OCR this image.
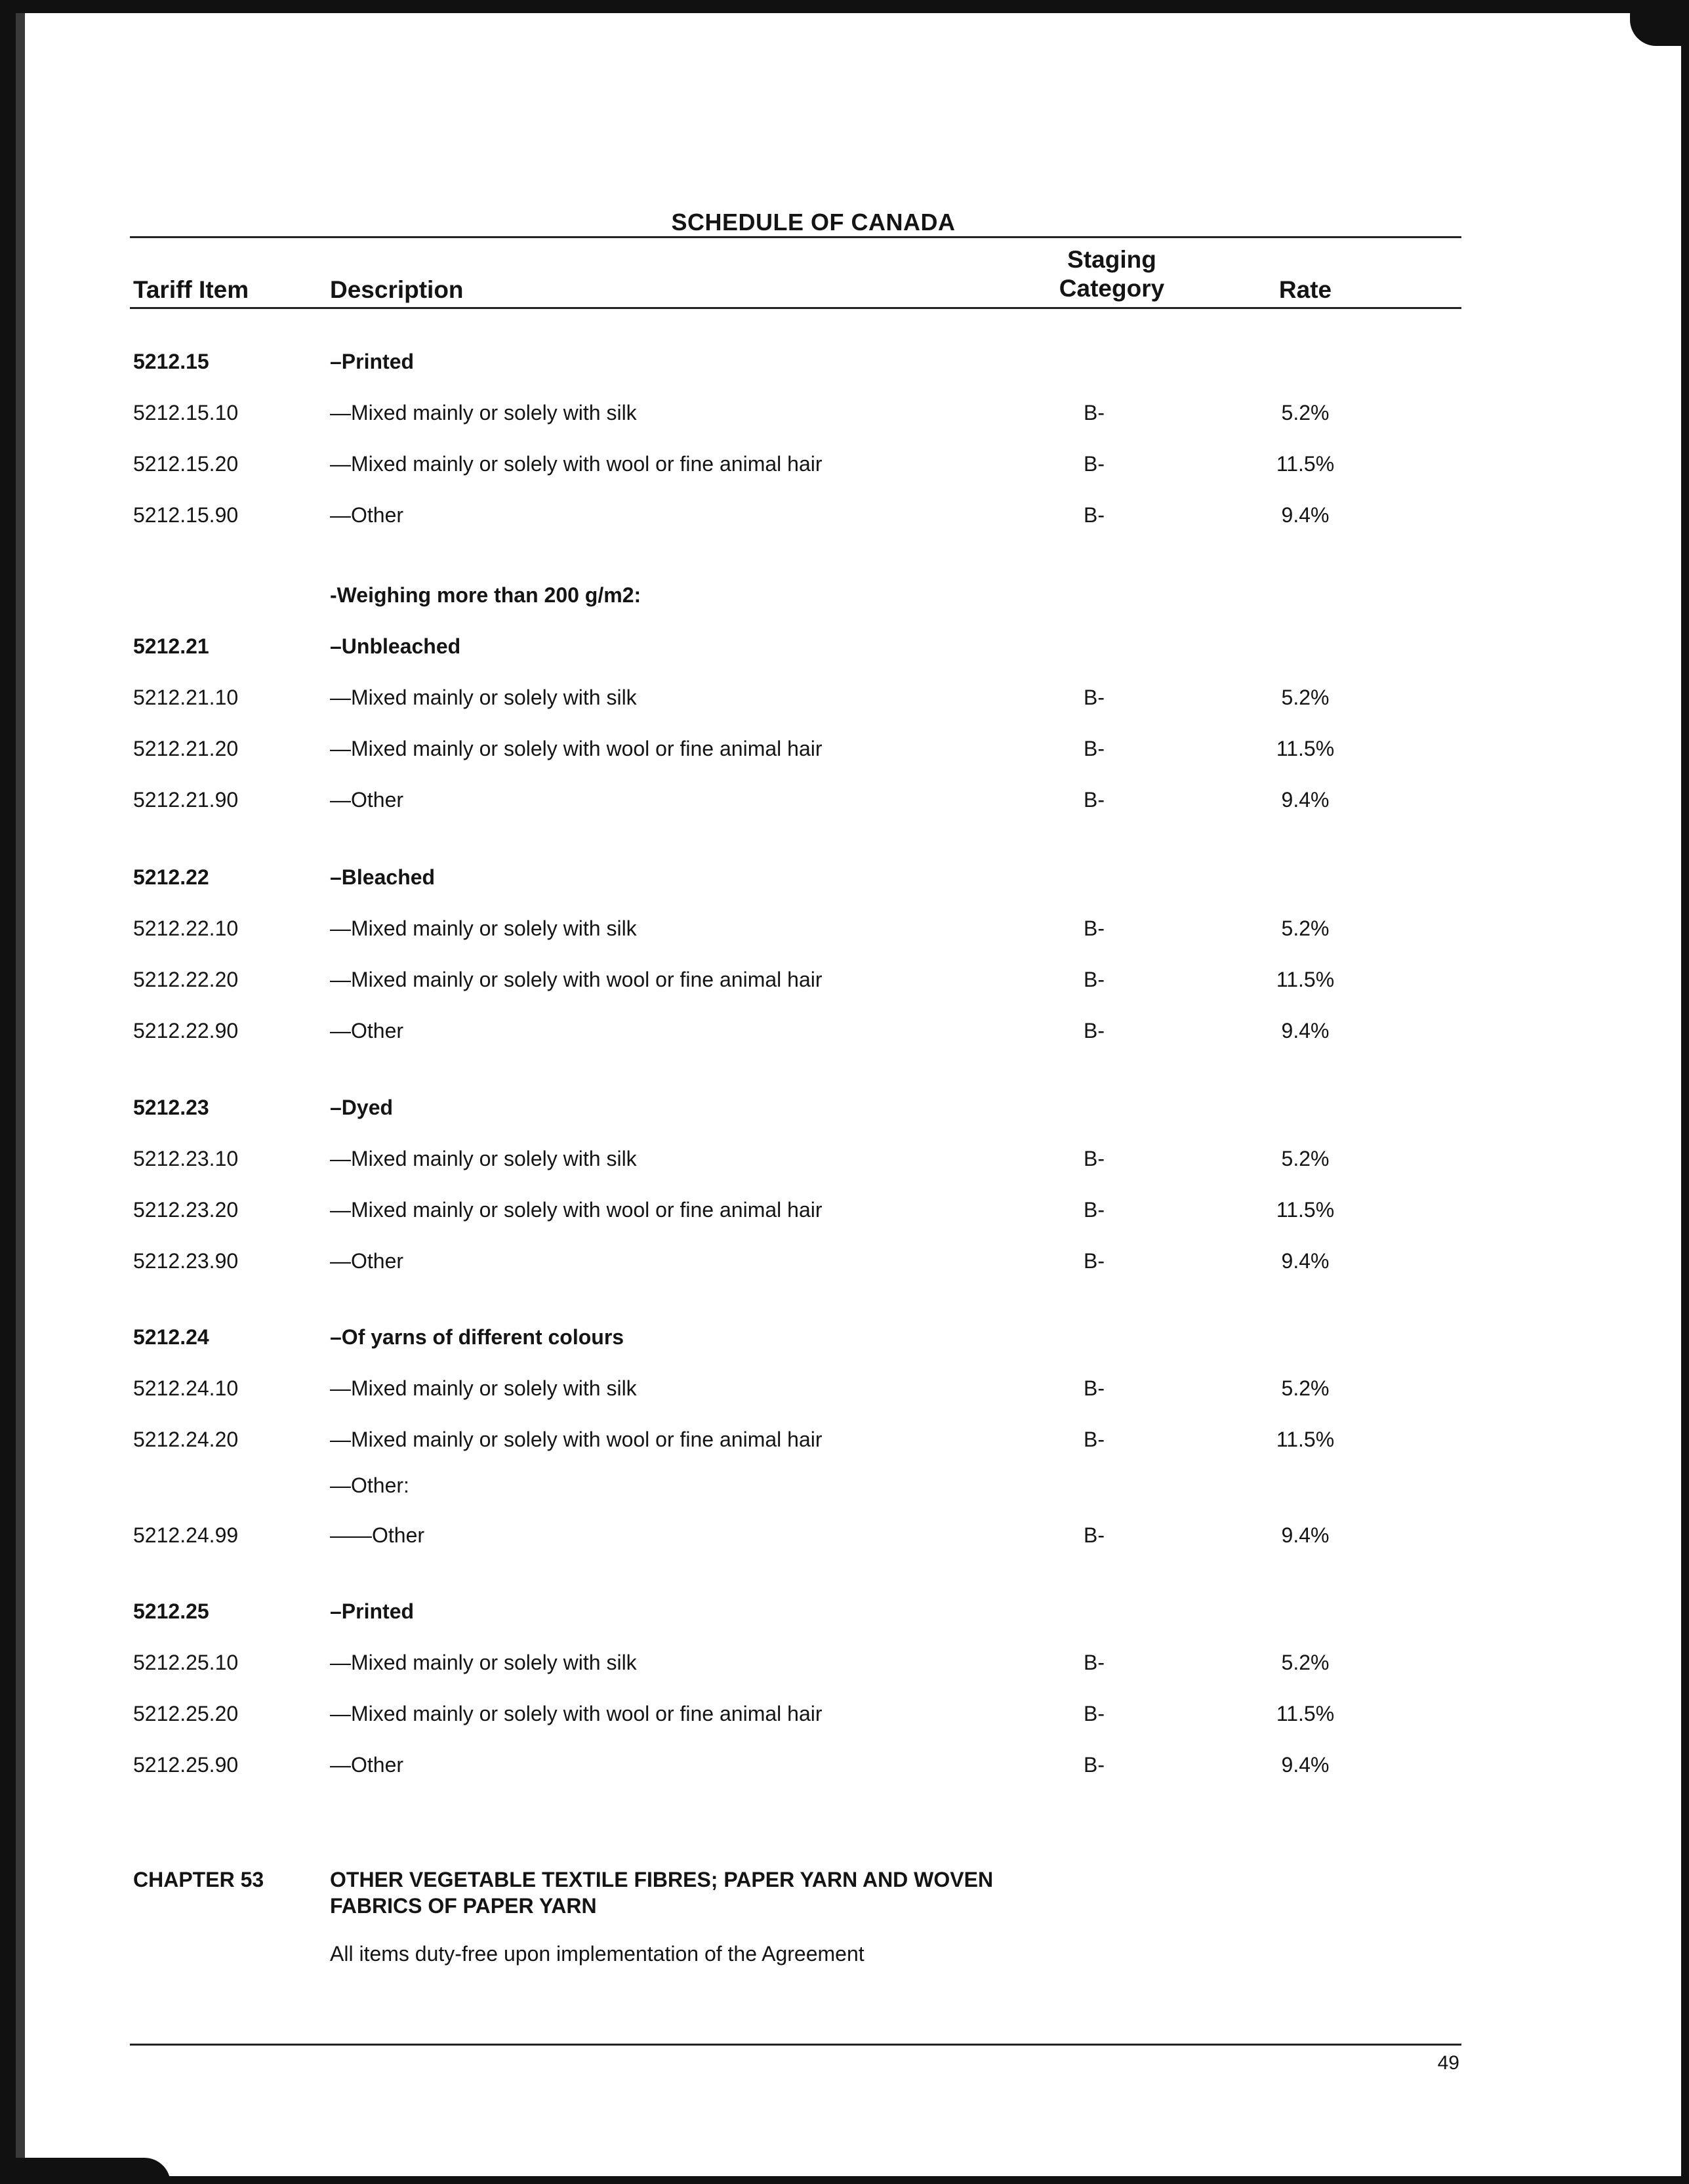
SCHEDULE OF CANADA
Tariff Item	Description
Staging
Category	Rate
5212.15	–Printed
5212.15.10	—Mixed mainly or solely with silk	B-	5.2%
5212.15.20	—Mixed mainly or solely with wool or fine animal hair	B-	11.5%
5212.15.90	—Other	B-	9.4%
-Weighing more than 200 g/m2:
5212.21	–Unbleached
5212.21.10	—Mixed mainly or solely with silk	B-	5.2%
5212.21.20	—Mixed mainly or solely with wool or fine animal hair	B-	11.5%
5212.21.90	—Other	B-	9.4%
5212.22	–Bleached
5212.22.10	—Mixed mainly or solely with silk	B-	5.2%
5212.22.20	—Mixed mainly or solely with wool or fine animal hair	B-	11.5%
5212.22.90	—Other	B-	9.4%
5212.23	–Dyed
5212.23.10	—Mixed mainly or solely with silk	B-	5.2%
5212.23.20	—Mixed mainly or solely with wool or fine animal hair	B-	11.5%
5212.23.90	—Other	B-	9.4%
5212.24	–Of yarns of different colours
5212.24.10	—Mixed mainly or solely with silk	B-	5.2%
5212.24.20	—Mixed mainly or solely with wool or fine animal hair	B-	11.5%
—Other:
5212.24.99	——Other	B-	9.4%
5212.25	–Printed
5212.25.10	—Mixed mainly or solely with silk	B-	5.2%
5212.25.20	—Mixed mainly or solely with wool or fine animal hair	B-	11.5%
5212.25.90	—Other	B-	9.4%
CHAPTER 53	OTHER VEGETABLE TEXTILE FIBRES; PAPER YARN AND WOVEN
FABRICS OF PAPER YARN
All items duty-free upon implementation of the Agreement
49
